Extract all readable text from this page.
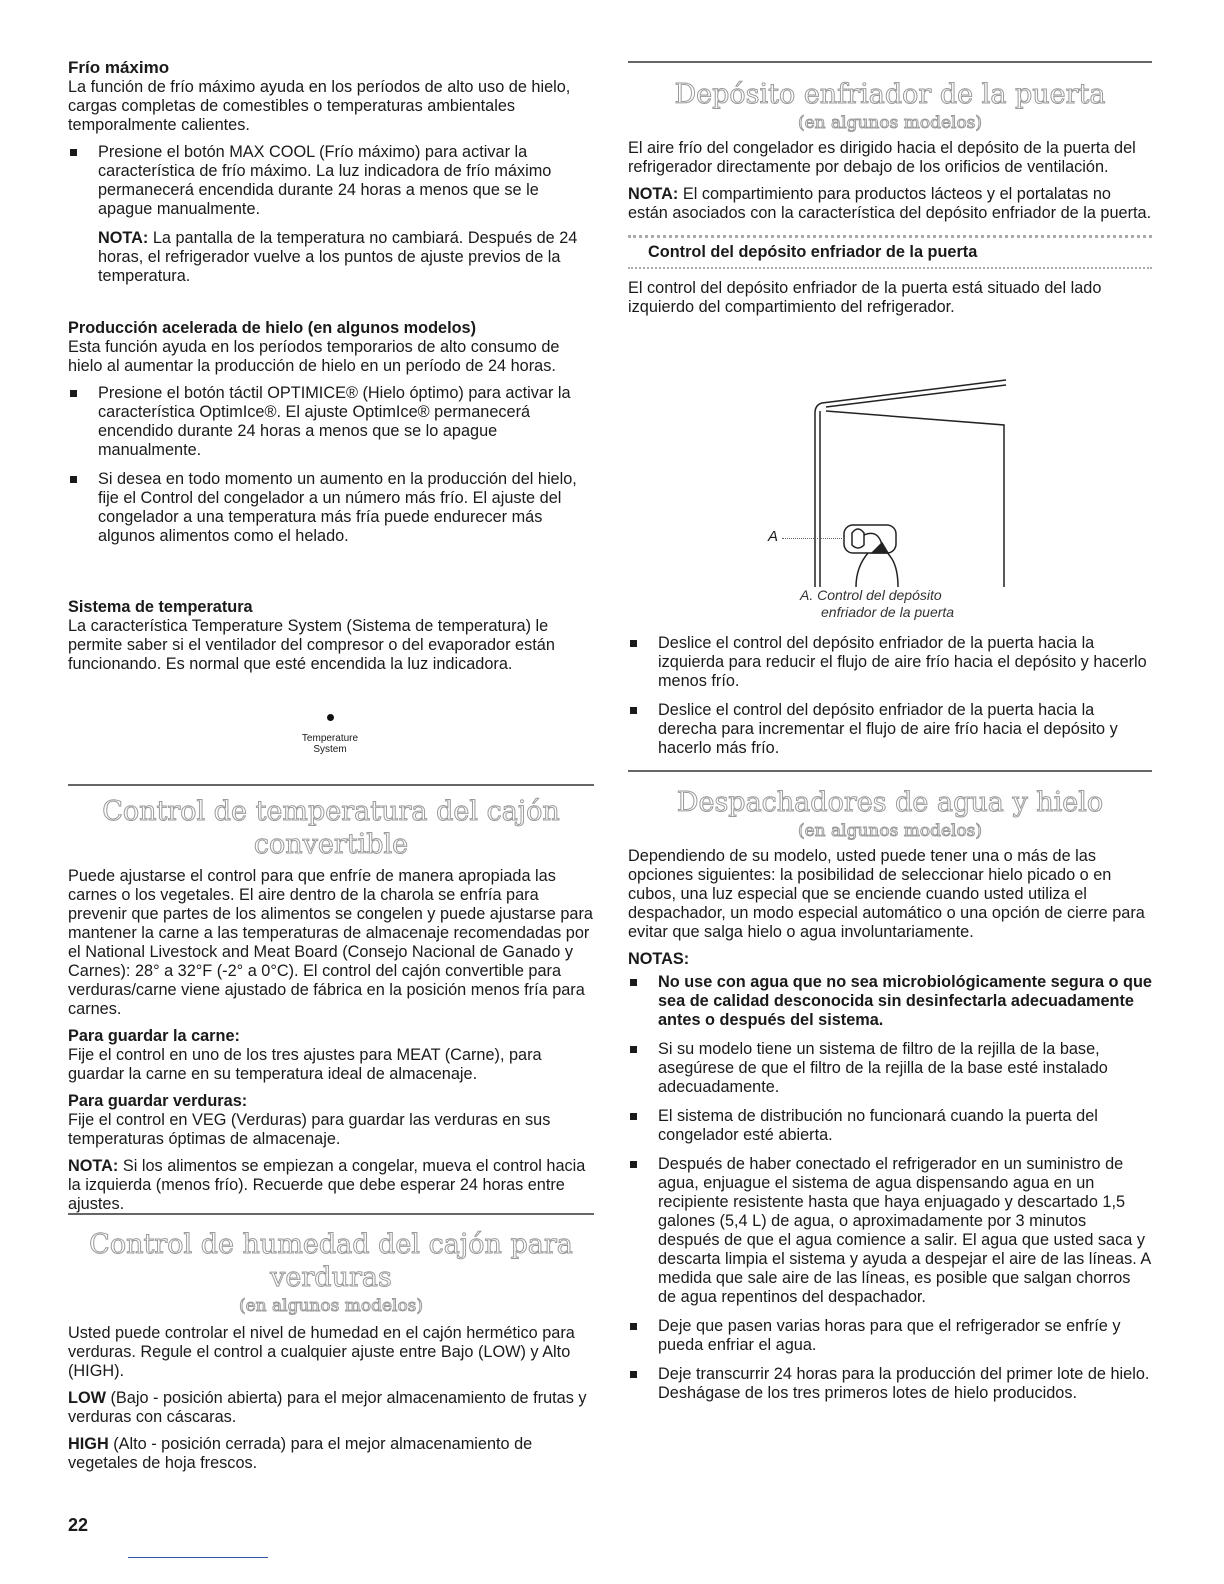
Frío máximo

La función de frío máximo ayuda en los períodos de alto uso de hielo, cargas completas de comestibles o temperaturas ambientales temporalmente calientes.

Presione el botón MAX COOL (Frío máximo) para activar la característica de frío máximo. La luz indicadora de frío máximo permanecerá encendida durante 24 horas a menos que se le apague manualmente.

NOTA: La pantalla de la temperatura no cambiará. Después de 24 horas, el refrigerador vuelve a los puntos de ajuste previos de la temperatura.

Producción acelerada de hielo (en algunos modelos)

Esta función ayuda en los períodos temporarios de alto consumo de hielo al aumentar la producción de hielo en un período de 24 horas.

Presione el botón táctil OPTIMICE® (Hielo óptimo) para activar la característica OptimIce®. El ajuste OptimIce® permanecerá encendido durante 24 horas a menos que se lo apague manualmente.
Si desea en todo momento un aumento en la producción del hielo, fije el Control del congelador a un número más frío. El ajuste del congelador a una temperatura más fría puede endurecer más algunos alimentos como el helado.
Sistema de temperatura

La característica Temperature System (Sistema de temperatura) le permite saber si el ventilador del compresor o del evaporador están funcionando. Es normal que esté encendida la luz indicadora.

Temperature
System
Control de temperatura del cajón
convertible

Puede ajustarse el control para que enfríe de manera apropiada las carnes o los vegetales. El aire dentro de la charola se enfría para prevenir que partes de los alimentos se congelen y puede ajustarse para mantener la carne a las temperaturas de almacenaje recomendadas por el National Livestock and Meat Board (Consejo Nacional de Ganado y Carnes): 28° a 32°F (-2° a 0°C). El control del cajón convertible para verduras/carne viene ajustado de fábrica en la posición menos fría para carnes.

Para guardar la carne:

Fije el control en uno de los tres ajustes para MEAT (Carne), para guardar la carne en su temperatura ideal de almacenaje.

Para guardar verduras:

Fije el control en VEG (Verduras) para guardar las verduras en sus temperaturas óptimas de almacenaje.

NOTA: Si los alimentos se empiezan a congelar, mueva el control hacia la izquierda (menos frío). Recuerde que debe esperar 24 horas entre ajustes.

Control de humedad del cajón para
verduras
(en algunos modelos)

Usted puede controlar el nivel de humedad en el cajón hermético para verduras. Regule el control a cualquier ajuste entre Bajo (LOW) y Alto (HIGH).

LOW (Bajo - posición abierta) para el mejor almacenamiento de frutas y verduras con cáscaras.

HIGH (Alto - posición cerrada) para el mejor almacenamiento de vegetales de hoja frescos.

22
Depósito enfriador de la puerta
(en algunos modelos)

El aire frío del congelador es dirigido hacia el depósito de la puerta del refrigerador directamente por debajo de los orificios de ventilación.

NOTA: El compartimiento para productos lácteos y el portalatas no están asociados con la característica del depósito enfriador de la puerta.

Control del depósito enfriador de la puerta

El control del depósito enfriador de la puerta está situado del lado izquierdo del compartimiento del refrigerador.

A
A. Control del depósito
enfriador de la puerta
Deslice el control del depósito enfriador de la puerta hacia la izquierda para reducir el flujo de aire frío hacia el depósito y hacerlo menos frío.
Deslice el control del depósito enfriador de la puerta hacia la derecha para incrementar el flujo de aire frío hacia el depósito y hacerlo más frío.
Despachadores de agua y hielo
(en algunos modelos)

Dependiendo de su modelo, usted puede tener una o más de las opciones siguientes: la posibilidad de seleccionar hielo picado o en cubos, una luz especial que se enciende cuando usted utiliza el despachador, un modo especial automático o una opción de cierre para evitar que salga hielo o agua involuntariamente.

NOTAS:
No use con agua que no sea microbiológicamente segura o que sea de calidad desconocida sin desinfectarla adecuadamente antes o después del sistema.
Si su modelo tiene un sistema de filtro de la rejilla de la base, asegúrese de que el filtro de la rejilla de la base esté instalado adecuadamente.
El sistema de distribución no funcionará cuando la puerta del congelador esté abierta.
Después de haber conectado el refrigerador en un suministro de agua, enjuague el sistema de agua dispensando agua en un recipiente resistente hasta que haya enjuagado y descartado 1,5 galones (5,4 L) de agua, o aproximadamente por 3 minutos después de que el agua comience a salir. El agua que usted saca y descarta limpia el sistema y ayuda a despejar el aire de las líneas. A medida que sale aire de las líneas, es posible que salgan chorros de agua repentinos del despachador.
Deje que pasen varias horas para que el refrigerador se enfríe y pueda enfriar el agua.
Deje transcurrir 24 horas para la producción del primer lote de hielo. Deshágase de los tres primeros lotes de hielo producidos.
